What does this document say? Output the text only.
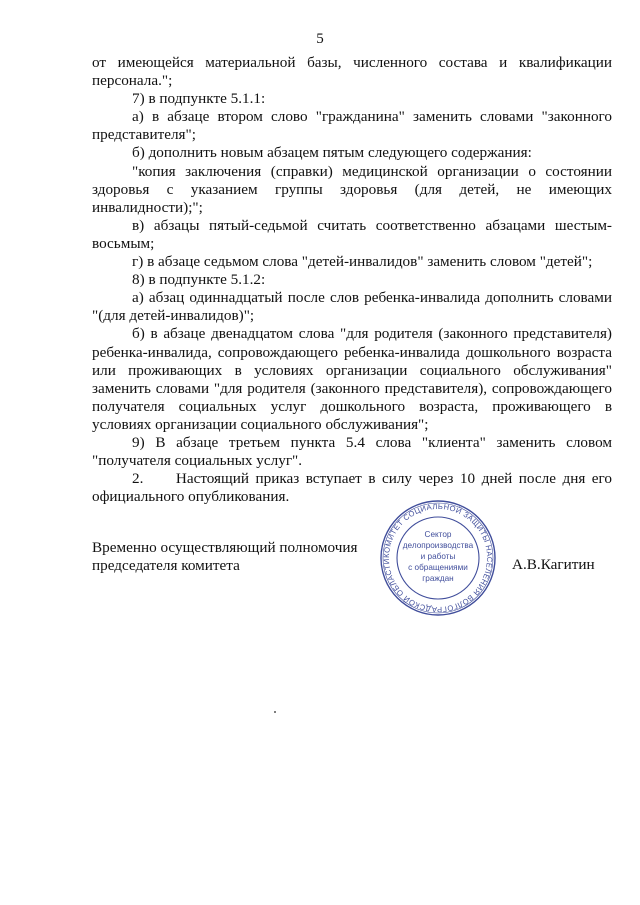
5

от имеющейся материальной базы, численного состава и квалификации персонала.";

7) в подпункте 5.1.1:

а) в абзаце втором слово "гражданина" заменить словами "законного представителя";

б) дополнить новым абзацем пятым следующего содержания:

"копия заключения (справки) медицинской организации о состоянии здоровья с указанием группы здоровья (для детей, не имеющих инвалидности);";

в) абзацы пятый-седьмой считать соответственно абзацами шестым-восьмым;

г) в абзаце седьмом слова "детей-инвалидов" заменить словом "детей";

8) в подпункте 5.1.2:

а) абзац одиннадцатый после слов ребенка-инвалида дополнить словами "(для детей-инвалидов)";

б) в абзаце двенадцатом слова "для родителя (законного представителя) ребенка-инвалида, сопровождающего ребенка-инвалида дошкольного возраста или проживающих в условиях организации социального обслуживания" заменить словами "для родителя (законного представителя), сопровождающего получателя социальных услуг дошкольного возраста, проживающего в условиях организации социального обслуживания";

9) В абзаце третьем пункта 5.4 слова "клиента" заменить словом "получателя социальных услуг".

2.     Настоящий приказ вступает в силу через 10 дней после дня его официального опубликования.

Временно осуществляющий полномочия
председателя комитета	А.В.Кагитин
КОМИТЕТ СОЦИАЛЬНОЙ ЗАЩИТЫ НАСЕЛЕНИЯ ВОЛГОГРАДСКОЙ ОБЛАСТИ
Сектор
делопроизводства
и работы
с обращениями
граждан
